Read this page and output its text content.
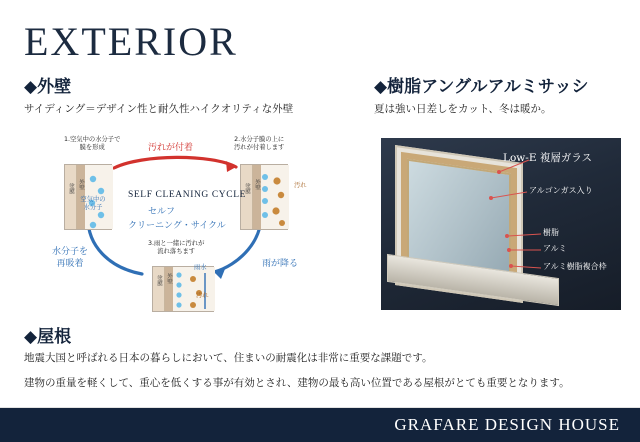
EXTERIOR
◆外壁
サイディング＝デザイン性と耐久性ハイクオリティな外壁
◆樹脂アングルアルミサッシ
夏は強い日差しをカット、冬は暖か。
1.空気中の水分子で
膜を形成
塗膜 外壁
空気中の
水分子
2.水分子膜の上に
汚れが付着します
塗膜 外壁	汚れ
3.雨と一緒に汚れが
流れ落ちます
塗膜 外壁
雨水
汚れ
SELF CLEANING CYCLE
セルフ
クリーニング・サイクル
汚れが付着
雨が降る
水分子を
再吸着
Low-E 複層ガラス
アルゴンガス入り
樹脂
アルミ
アルミ樹脂複合枠
◆屋根
地震大国と呼ばれる日本の暮らしにおいて、住まいの耐震化は非常に重要な課題です。
建物の重量を軽くして、重心を低くする事が有効とされ、建物の最も高い位置である屋根がとても重要となります。
GRAFARE DESIGN HOUSE
